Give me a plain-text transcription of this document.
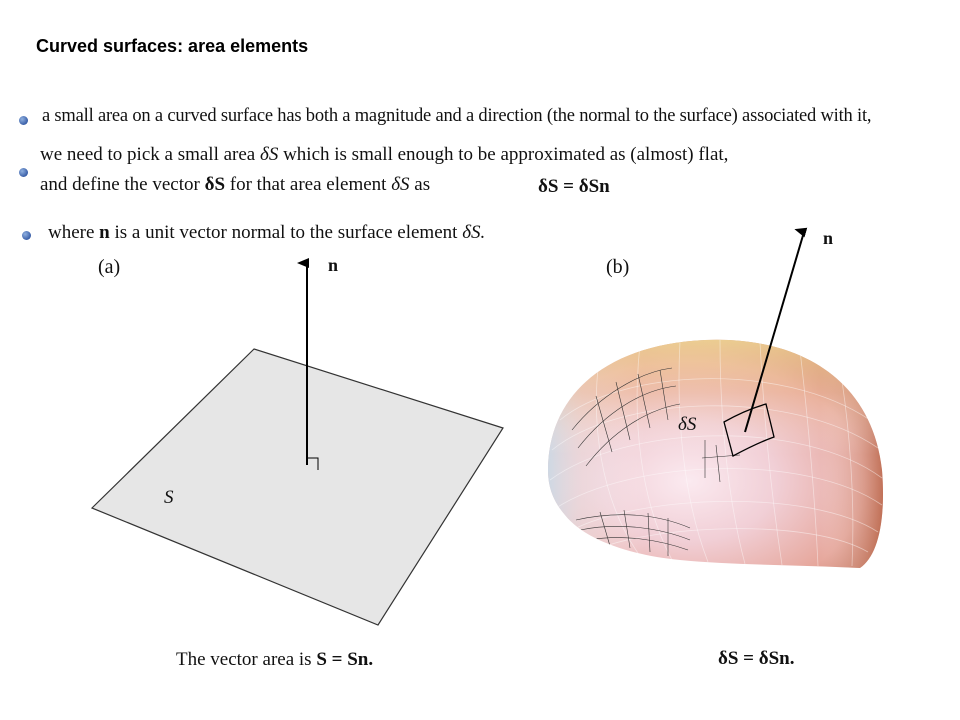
Curved surfaces: area elements
a small area on a curved surface has both a magnitude and a direction (the normal to the surface) associated with it,
we need to pick a small area δS which is small enough to be approximated as (almost) flat,
and define the vector δS for that area element δS as	δS = δSn
where n is a unit vector normal to the surface element δS.
(a)	(b)
n
S
n
δS
The vector area is S = Sn.	δS = δSn.
